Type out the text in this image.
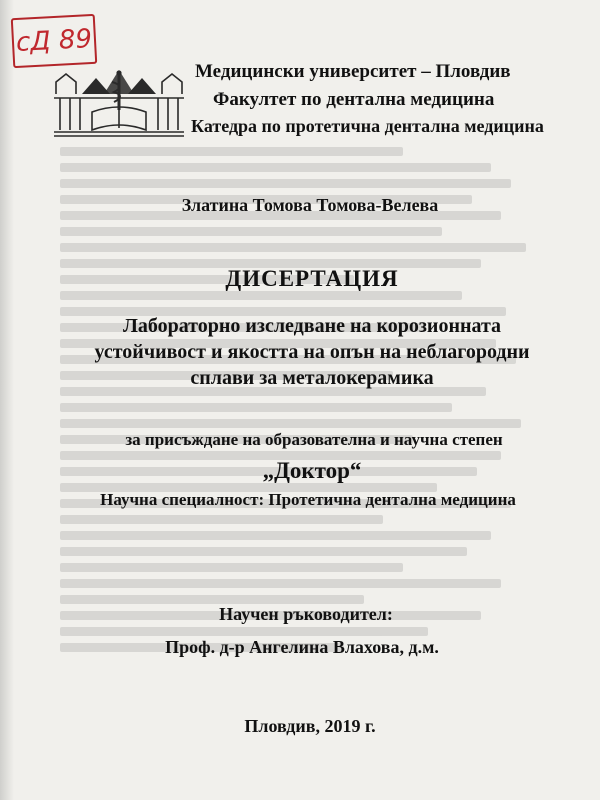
сД 89
Медицински университет – Пловдив
Факултет по дентална медицина
Катедра по протетична дентална медицина
Златина Томова Томова-Велева
ДИСЕРТАЦИЯ
Лабораторно изследване на корозионната
устойчивост и якостта на опън на неблагородни
сплави за металокерамика
за присъждане на образователна и научна степен
„Доктор“
Научна специалност: Протетична дентална медицина
Научен ръководител:
Проф. д-р Ангелина Влахова, д.м.
Пловдив, 2019 г.
